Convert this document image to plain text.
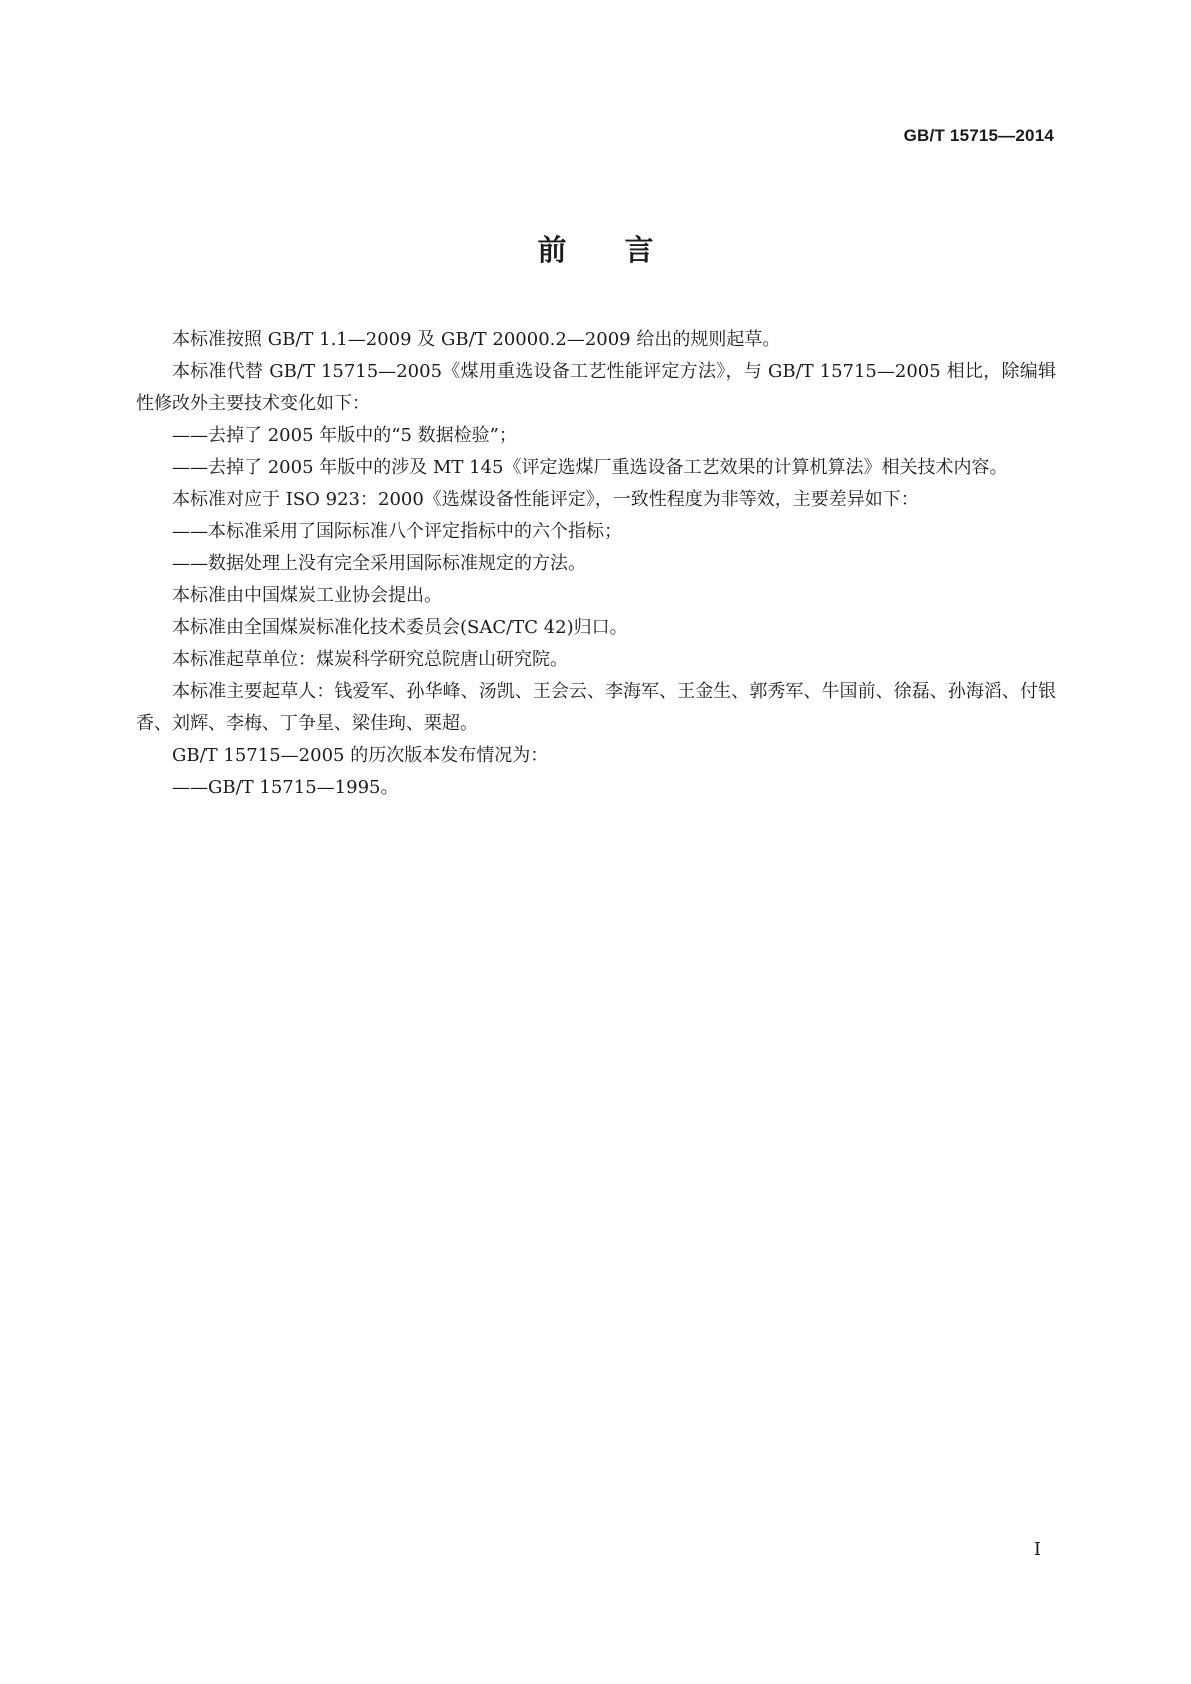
GB/T 15715—2014
前 言

本标准按照 GB/T 1.1—2009 及 GB/T 20000.2—2009 给出的规则起草。

本标准代替 GB/T 15715—2005《煤用重选设备工艺性能评定方法》，与 GB/T 15715—2005 相比，除编辑性修改外主要技术变化如下：

——去掉了 2005 年版中的“5 数据检验”；

——去掉了 2005 年版中的涉及 MT 145《评定选煤厂重选设备工艺效果的计算机算法》相关技术内容。

本标准对应于 ISO 923：2000《选煤设备性能评定》，一致性程度为非等效，主要差异如下：

——本标准采用了国际标准八个评定指标中的六个指标；

——数据处理上没有完全采用国际标准规定的方法。

本标准由中国煤炭工业协会提出。

本标准由全国煤炭标准化技术委员会(SAC/TC 42)归口。

本标准起草单位：煤炭科学研究总院唐山研究院。

本标准主要起草人：钱爱军、孙华峰、汤凯、王会云、李海军、王金生、郭秀军、牛国前、徐磊、孙海滔、付银香、刘辉、李梅、丁争星、梁佳珣、栗超。

GB/T 15715—2005 的历次版本发布情况为：

——GB/T 15715—1995。

I
